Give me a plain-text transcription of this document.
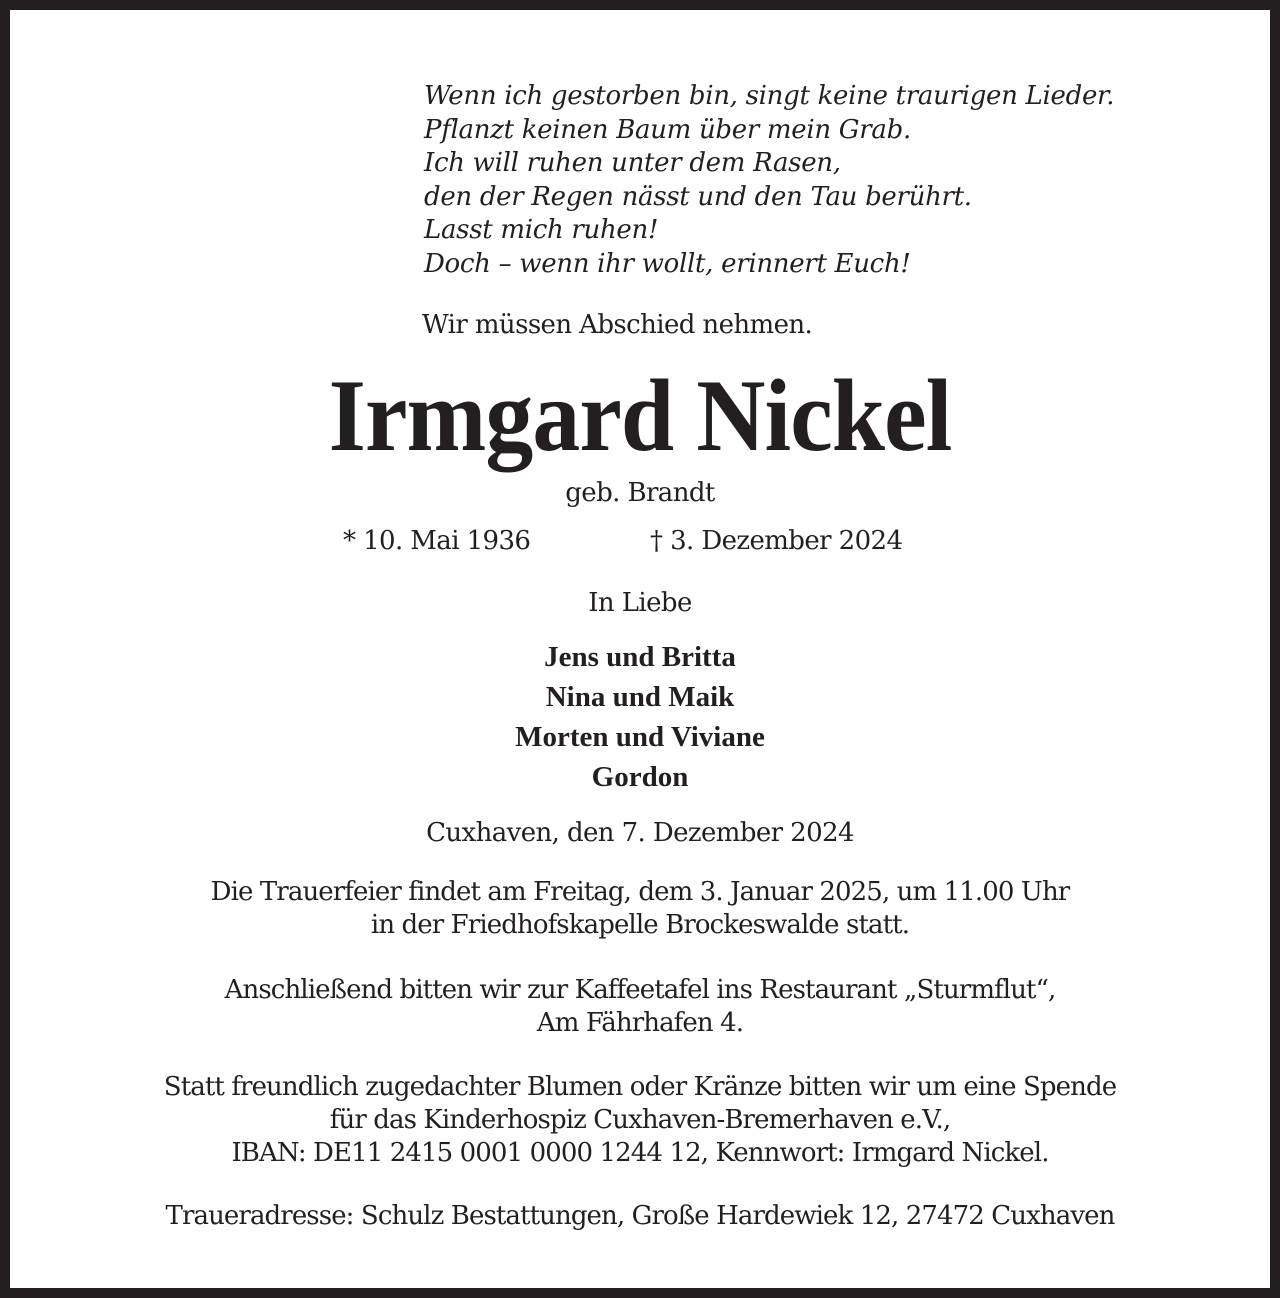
Wenn ich gestorben bin, singt keine traurigen Lieder.
Pflanzt keinen Baum über mein Grab.
Ich will ruhen unter dem Rasen,
den der Regen nässt und den Tau berührt.
Lasst mich ruhen!
Doch – wenn ihr wollt, erinnert Euch!
Wir müssen Abschied nehmen.
Irmgard Nickel
geb. Brandt
* 10. Mai 1936	† 3. Dezember 2024
In Liebe
Jens und Britta
Nina und Maik
Morten und Viviane
Gordon
Cuxhaven, den 7. Dezember 2024
Die Trauerfeier findet am Freitag, dem 3. Januar 2025, um 11.00 Uhr
in der Friedhofskapelle Brockeswalde statt.
Anschließend bitten wir zur Kaffeetafel ins Restaurant „Sturmflut“,
Am Fährhafen 4.
Statt freundlich zugedachter Blumen oder Kränze bitten wir um eine Spende
für das Kinderhospiz Cuxhaven-Bremerhaven e.V.,
IBAN: DE11 2415 0001 0000 1244 12, Kennwort: Irmgard Nickel.
Traueradresse: Schulz Bestattungen, Große Hardewiek 12, 27472 Cuxhaven
